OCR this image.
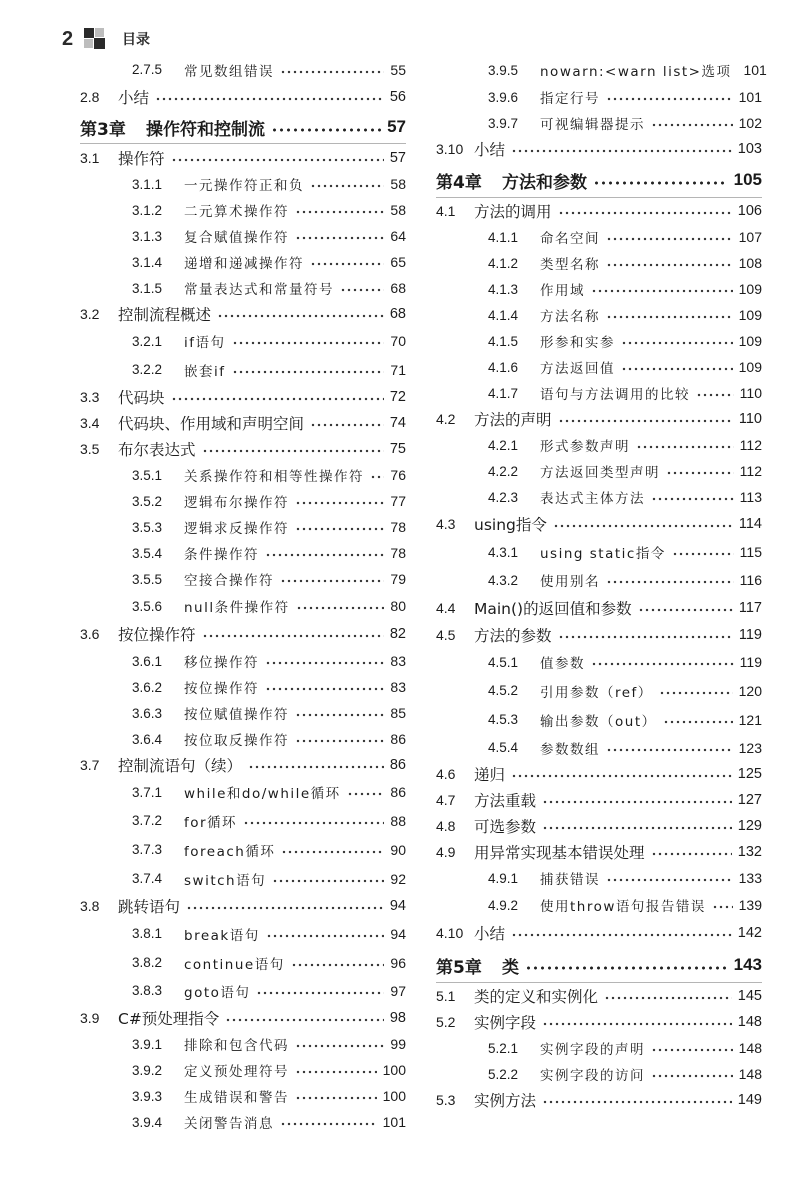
2	目录
2.7.5	常见数组错误	55
2.8	小结	56
第3章	操作符和控制流	57
3.1	操作符	57
3.1.1	一元操作符正和负	58
3.1.2	二元算术操作符	58
3.1.3	复合赋值操作符	64
3.1.4	递增和递减操作符	65
3.1.5	常量表达式和常量符号	68
3.2	控制流程概述	68
3.2.1	if语句	70
3.2.2	嵌套if	71
3.3	代码块	72
3.4	代码块、作用域和声明空间	74
3.5	布尔表达式	75
3.5.1	关系操作符和相等性操作符 76
3.5.2	逻辑布尔操作符	77
3.5.3	逻辑求反操作符	78
3.5.4	条件操作符	78
3.5.5	空接合操作符	79
3.5.6	null条件操作符	80
3.6	按位操作符	82
3.6.1	移位操作符	83
3.6.2	按位操作符	83
3.6.3	按位赋值操作符	85
3.6.4	按位取反操作符	86
3.7	控制流语句（续）	86
3.7.1	while和do/while循环	86
3.7.2	for循环	88
3.7.3	foreach循环	90
3.7.4	switch语句	92
3.8	跳转语句	94
3.8.1	break语句	94
3.8.2	continue语句	96
3.8.3	goto语句	97
3.9	C#预处理指令	98
3.9.1	排除和包含代码	99
3.9.2	定义预处理符号	100
3.9.3	生成错误和警告	100
3.9.4	关闭警告消息	101
3.9.5	nowarn:<warn list>选项 101
3.9.6	指定行号	101
3.9.7	可视编辑器提示	102
3.10 小结	103
第4章	方法和参数	105
4.1	方法的调用	106
4.1.1	命名空间	107
4.1.2	类型名称	108
4.1.3	作用域	109
4.1.4	方法名称	109
4.1.5	形参和实参	109
4.1.6	方法返回值	109
4.1.7	语句与方法调用的比较	110
4.2	方法的声明	110
4.2.1	形式参数声明	112
4.2.2	方法返回类型声明	112
4.2.3	表达式主体方法	113
4.3	using指令	114
4.3.1	using static指令	115
4.3.2	使用别名	116
4.4	Main()的返回值和参数	117
4.5	方法的参数	119
4.5.1	值参数	119
4.5.2	引用参数（ref）	120
4.5.3	输出参数（out）	121
4.5.4	参数数组	123
4.6	递归	125
4.7	方法重载	127
4.8	可选参数	129
4.9	用异常实现基本错误处理	132
4.9.1	捕获错误	133
4.9.2	使用throw语句报告错误 139
4.10 小结	142
第5章	类	143
5.1	类的定义和实例化	145
5.2	实例字段	148
5.2.1	实例字段的声明	148
5.2.2	实例字段的访问	148
5.3	实例方法	149
